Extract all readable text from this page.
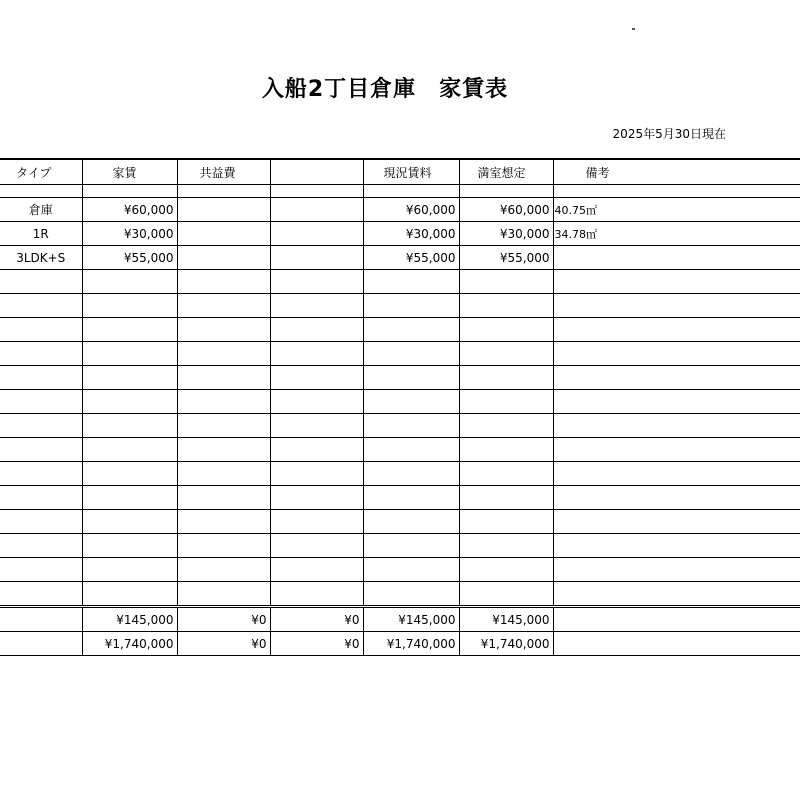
入船2丁目倉庫　家賃表
2025年5月30日現在
タイプ	家賃	共益費		現況賃料	満室想定	備考

倉庫	¥60,000			¥60,000	¥60,000	40.75㎡
1R	¥30,000			¥30,000	¥30,000	34.78㎡
3LDK+S	¥55,000			¥55,000	¥55,000	

	¥145,000	¥0	¥0	¥145,000	¥145,000	
	¥1,740,000	¥0	¥0	¥1,740,000	¥1,740,000	
